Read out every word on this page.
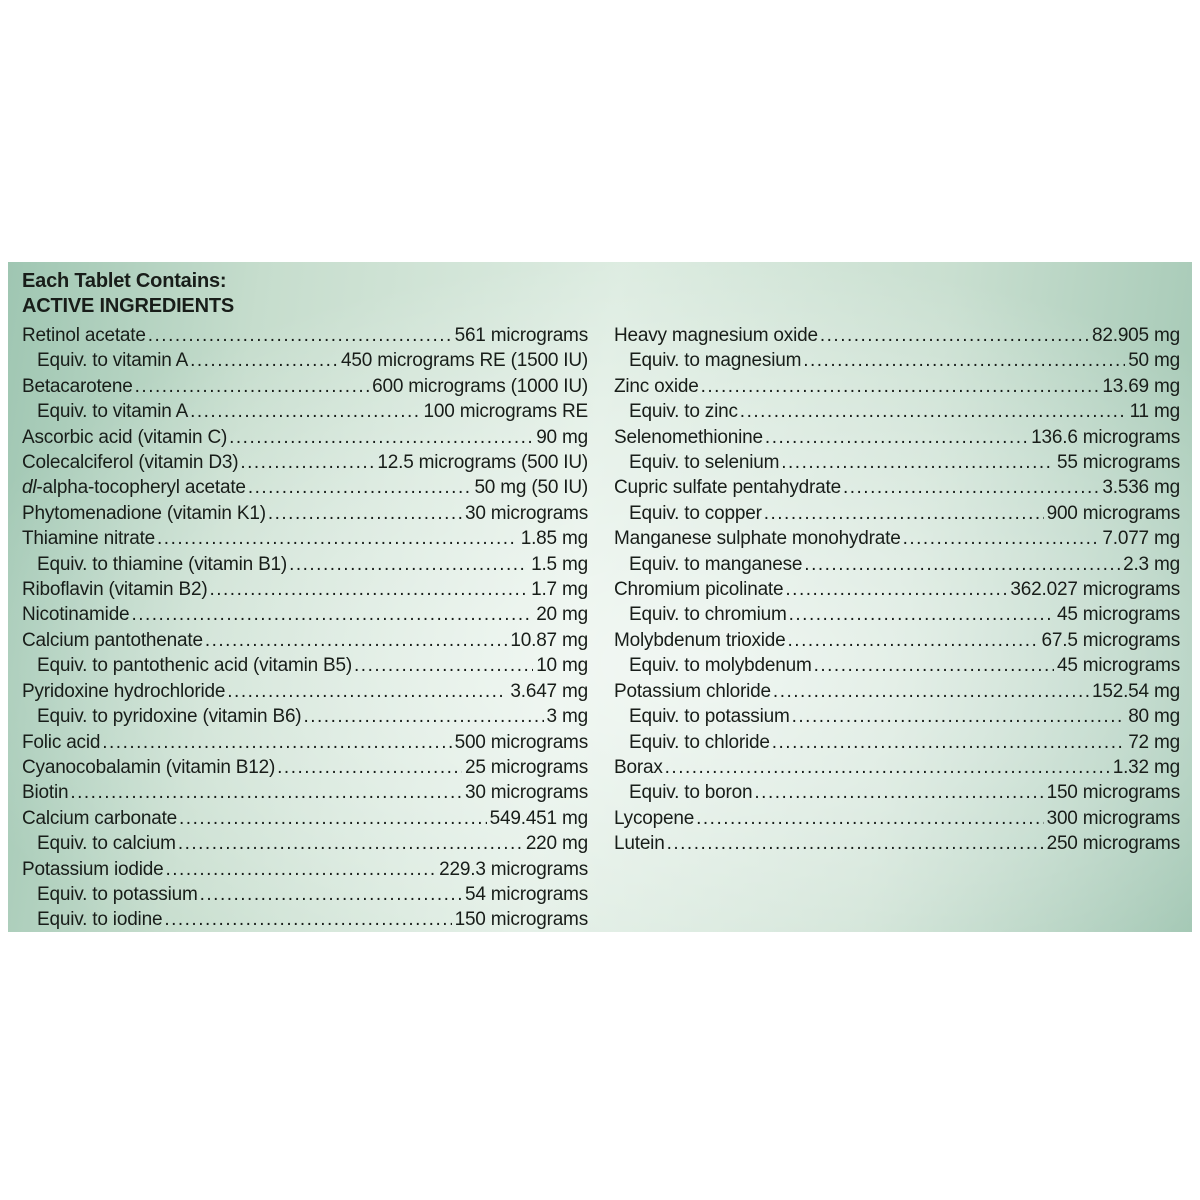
Each Tablet Contains:
ACTIVE INGREDIENTS
Retinol acetate .....	561 micrograms
Equiv. to vitamin A .....	450 micrograms RE (1500 IU)
Betacarotene .....	600 micrograms (1000 IU)
Equiv. to vitamin A .....	100 micrograms RE
Ascorbic acid (vitamin C) .....	90 mg
Colecalciferol (vitamin D3) .....	12.5 micrograms (500 IU)
dl-alpha-tocopheryl acetate .....	50 mg (50 IU)
Phytomenadione (vitamin K1) .....	30 micrograms
Thiamine nitrate .....	1.85 mg
Equiv. to thiamine (vitamin B1) .....	1.5 mg
Riboflavin (vitamin B2) .....	1.7 mg
Nicotinamide .....	20 mg
Calcium pantothenate .....	10.87 mg
Equiv. to pantothenic acid (vitamin B5) .....	10 mg
Pyridoxine hydrochloride .....	3.647 mg
Equiv. to pyridoxine (vitamin B6) .....	3 mg
Folic acid .....	500 micrograms
Cyanocobalamin (vitamin B12) .....	25 micrograms
Biotin .....	30 micrograms
Calcium carbonate .....	549.451 mg
Equiv. to calcium .....	220 mg
Potassium iodide .....	229.3 micrograms
Equiv. to potassium .....	54 micrograms
Equiv. to iodine .....	150 micrograms
Heavy magnesium oxide .....	82.905 mg
Equiv. to magnesium .....	50 mg
Zinc oxide .....	13.69 mg
Equiv. to zinc .....	11 mg
Selenomethionine .....	136.6 micrograms
Equiv. to selenium .....	55 micrograms
Cupric sulfate pentahydrate .....	3.536 mg
Equiv. to copper .....	900 micrograms
Manganese sulphate monohydrate .....	7.077 mg
Equiv. to manganese .....	2.3 mg
Chromium picolinate .....	362.027 micrograms
Equiv. to chromium .....	45 micrograms
Molybdenum trioxide .....	67.5 micrograms
Equiv. to molybdenum .....	45 micrograms
Potassium chloride .....	152.54 mg
Equiv. to potassium .....	80 mg
Equiv. to chloride .....	72 mg
Borax .....	1.32 mg
Equiv. to boron .....	150 micrograms
Lycopene .....	300 micrograms
Lutein .....	250 micrograms
